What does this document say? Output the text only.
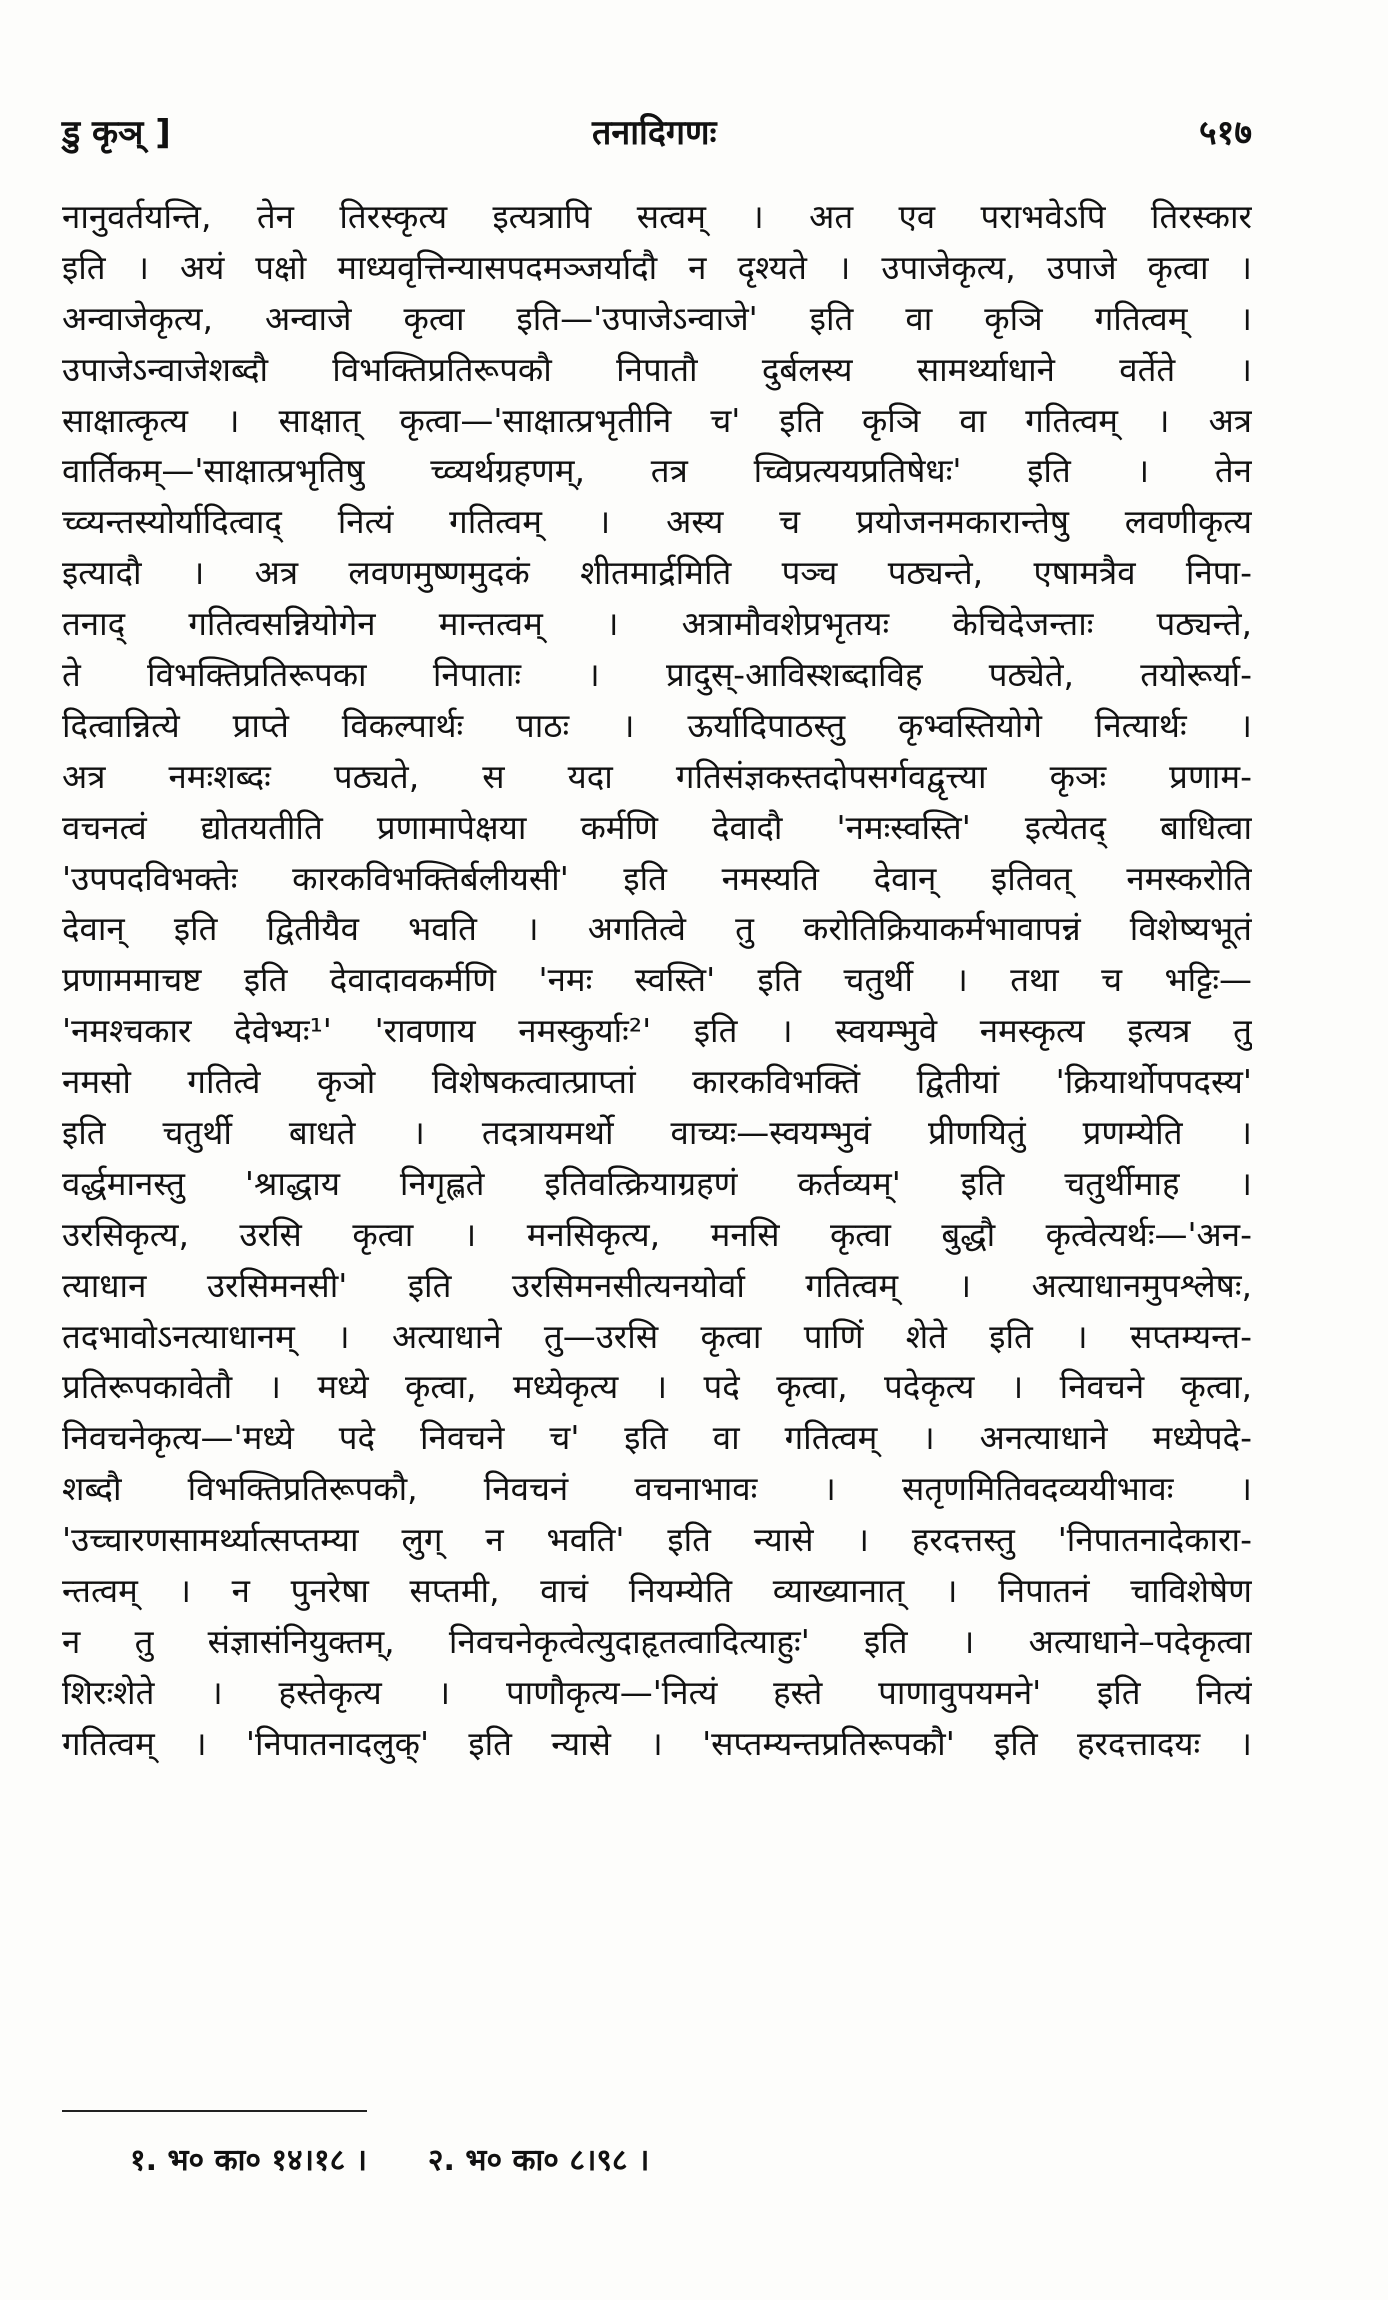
डु कृञ् ]	तनादिगणः	५१७
नानुवर्तयन्ति, तेन तिरस्कृत्य इत्यत्रापि सत्वम् । अत एव पराभवेऽपि तिरस्कार
इति । अयं पक्षो माध्यवृत्तिन्यासपदमञ्जर्यादौ न दृश्यते । उपाजेकृत्य, उपाजे कृत्वा ।
अन्वाजेकृत्य, अन्वाजे कृत्वा इति—'उपाजेऽन्वाजे' इति वा कृञि गतित्वम् ।
उपाजेऽन्वाजेशब्दौ विभक्तिप्रतिरूपकौ निपातौ दुर्बलस्य सामर्थ्याधाने वर्तेते ।
साक्षात्कृत्य । साक्षात् कृत्वा—'साक्षात्प्रभृतीनि च' इति कृञि वा गतित्वम् । अत्र
वार्तिकम्—'साक्षात्प्रभृतिषु च्व्यर्थग्रहणम्, तत्र च्विप्रत्ययप्रतिषेधः' इति । तेन
च्व्यन्तस्योर्यादित्वाद् नित्यं गतित्वम् । अस्य च प्रयोजनमकारान्तेषु लवणीकृत्य
इत्यादौ । अत्र लवणमुष्णमुदकं शीतमार्द्रमिति पञ्च पठ्यन्ते, एषामत्रैव निपा-
तनाद् गतित्वसन्नियोगेन मान्तत्वम् । अत्रामौवशेप्रभृतयः केचिदेजन्ताः पठ्यन्ते,
ते विभक्तिप्रतिरूपका निपाताः । प्रादुस्-आविस्शब्दाविह पठ्येते, तयोरूर्या-
दित्वान्नित्ये प्राप्ते विकल्पार्थः पाठः । ऊर्यादिपाठस्तु कृभ्वस्तियोगे नित्यार्थः ।
अत्र नमःशब्दः पठ्यते, स यदा गतिसंज्ञकस्तदोपसर्गवद्वृत्त्या कृञः प्रणाम-
वचनत्वं द्योतयतीति प्रणामापेक्षया कर्मणि देवादौ 'नमःस्वस्ति' इत्येतद् बाधित्वा
'उपपदविभक्तेः कारकविभक्तिर्बलीयसी' इति नमस्यति देवान् इतिवत् नमस्करोति
देवान् इति द्वितीयैव भवति । अगतित्वे तु करोतिक्रियाकर्मभावापन्नं विशेष्यभूतं
प्रणाममाचष्ट इति देवादावकर्मणि 'नमः स्वस्ति' इति चतुर्थी । तथा च भट्टिः—
'नमश्चकार देवेभ्यः¹' 'रावणाय नमस्कुर्याः²' इति । स्वयम्भुवे नमस्कृत्य इत्यत्र तु
नमसो गतित्वे कृञो विशेषकत्वात्प्राप्तां कारकविभक्तिं द्वितीयां 'क्रियार्थोपपदस्य'
इति चतुर्थी बाधते । तदत्रायमर्थो वाच्यः—स्वयम्भुवं प्रीणयितुं प्रणम्येति ।
वर्द्धमानस्तु 'श्राद्धाय निगृह्लते इतिवत्क्रियाग्रहणं कर्तव्यम्' इति चतुर्थीमाह ।
उरसिकृत्य, उरसि कृत्वा । मनसिकृत्य, मनसि कृत्वा बुद्धौ कृत्वेत्यर्थः—'अन-
त्याधान उरसिमनसी' इति उरसिमनसीत्यनयोर्वा गतित्वम् । अत्याधानमुपश्लेषः,
तदभावोऽनत्याधानम् । अत्याधाने तु—उरसि कृत्वा पाणिं शेते इति । सप्तम्यन्त-
प्रतिरूपकावेतौ । मध्ये कृत्वा, मध्येकृत्य । पदे कृत्वा, पदेकृत्य । निवचने कृत्वा,
निवचनेकृत्य—'मध्ये पदे निवचने च' इति वा गतित्वम् । अनत्याधाने मध्येपदे-
शब्दौ विभक्तिप्रतिरूपकौ, निवचनं वचनाभावः । सतृणमितिवदव्ययीभावः ।
'उच्चारणसामर्थ्यात्सप्तम्या लुग् न भवति' इति न्यासे । हरदत्तस्तु 'निपातनादेकारा-
न्तत्वम् । न पुनरेषा सप्तमी, वाचं नियम्येति व्याख्यानात् । निपातनं चाविशेषेण
न तु संज्ञासंनियुक्तम्, निवचनेकृत्वेत्युदाहृतत्वादित्याहुः' इति । अत्याधाने–पदेकृत्वा
शिरःशेते । हस्तेकृत्य । पाणौकृत्य—'नित्यं हस्ते पाणावुपयमने' इति नित्यं
गतित्वम् । 'निपातनादलुक्' इति न्यासे । 'सप्तम्यन्तप्रतिरूपकौ' इति हरदत्तादयः ।
१. भ० का० १४।१८ । २. भ० का० ८।९८ ।
